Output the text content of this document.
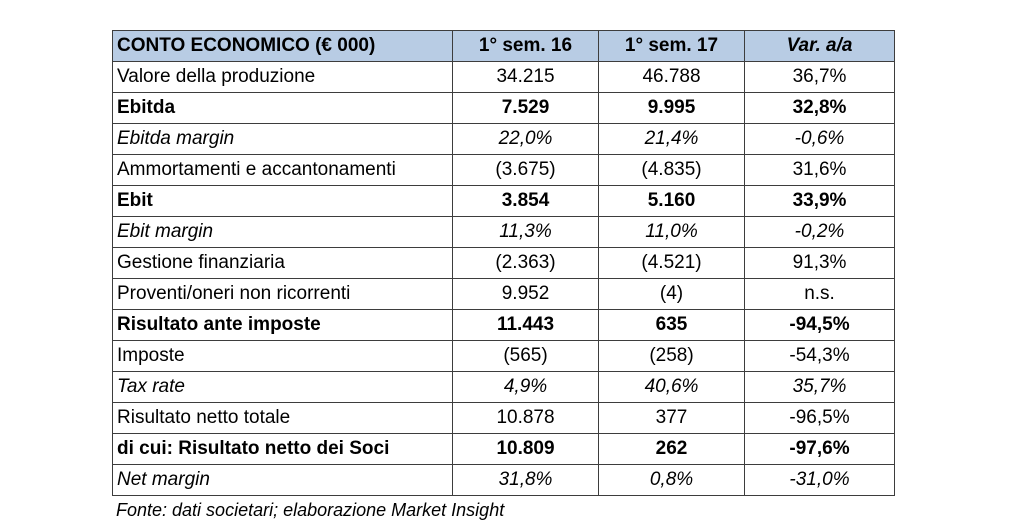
CONTO ECONOMICO (€ 000)	1° sem. 16	1° sem. 17	Var. a/a
Valore della produzione	34.215	46.788	36,7%
Ebitda	7.529	9.995	32,8%
Ebitda margin	22,0%	21,4%	-0,6%
Ammortamenti e accantonamenti	(3.675)	(4.835)	31,6%
Ebit	3.854	5.160	33,9%
Ebit margin	11,3%	11,0%	-0,2%
Gestione finanziaria	(2.363)	(4.521)	91,3%
Proventi/oneri non ricorrenti	9.952	(4)	n.s.
Risultato ante imposte	11.443	635	-94,5%
Imposte	(565)	(258)	-54,3%
Tax rate	4,9%	40,6%	35,7%
Risultato netto totale	10.878	377	-96,5%
di cui: Risultato netto dei Soci	10.809	262	-97,6%
Net margin	31,8%	0,8%	-31,0%
Fonte: dati societari; elaborazione Market Insight
